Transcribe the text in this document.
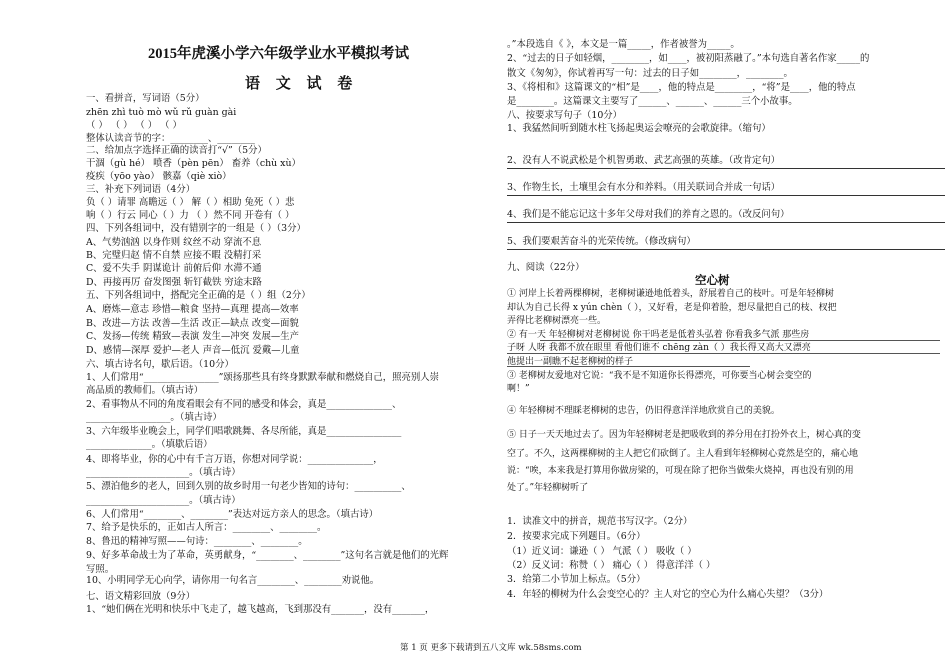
2015年虎溪小学六年级学业水平模拟考试
语 文 试 卷
一、看拼音，写词语（5分）
zhēn zhì tuò mò wǔ rǔ guàn gài
（ ） （ ） （ ） （ ）
整体认读音节的字：________、________
二、给加点字选择正确的读音打“√”（5分）
干涸（gù hé） 喷香（pèn pēn） 畜养（chù xù）
疫疾（yōo yào） 骸嘉（qiè xiò）
三、补充下列词语（4分）
负（ ）请罪 高瞻远（ ） 解（ ）相助 兔死（ ）悲
响（ ）行云 同心（ ）力 （ ）然不同 开卷有（ ）
四、下列各组词中，没有错别字的一组是（ ）（3分）
A、气势汹汹 以身作则 纹丝不动 穿流不息
B、完璧归赵 情不自禁 应接不暇 没精打采
C、爱不失手 阴谋诡计 前俯后仰 水滞不通
D、再接再厉 奋发图强 斩钉截铁 穷途末路
五、下列各组词中，搭配完全正确的是（ ）组（2分）
A、磨炼—意志 珍惜—粮食 坚持—真理 提高—效率
B、改进—方法 改善—生活 改正—缺点 改变—面貌
C、发扬—传统 精致—表演 发生—冲突 发展—生产
D、感情—深厚 爱护—老人 声音—低沉 爱戴—儿童
六、填古诗名句，歇后语。（10分）
1、人们常用“________________”颂扬那些具有终身默默奉献和燃烧自己，照亮别人崇
高品质的教师们。（填古诗）
2、看事物从不同的角度看眼会有不同的感受和体会，真是______________、
__________________。（填古诗）
3、六年级毕业晚会上，同学们唱歌跳舞、各尽所能，真是________________
______________。（填歇后语）
4、即将毕业，你的心中有千言万语，你想对同学说：______________，
______________________。（填古诗）
5、漂泊他乡的老人，回到久别的故乡时用一句老少皆知的诗句：__________、
______________________。（填古诗）
6、人们常用“________、________”表达对远方亲人的思念。（填古诗）
7、给予是快乐的，正如古人所言：________、________。
8、鲁迅的精神写照——句诗：________、________。
9、好多革命战士为了革命，英勇献身，“________、________”这句名言就是他们的光辉
写照。
10、小明同学无心向学，请你用一句名言________、________劝说他。
七、语文精彩回放（9分）
1、“她们俩在光明和快乐中飞走了，越飞越高，飞到那没有_______，没有_______，
。”本段选自《 》，本文是一篇_____，作者被誉为_____。
2、“过去的日子如轻烟，________，如____，被初阳蒸融了。”本句选自著名作家_____的
散文《匆匆》，你试着再写一句：过去的日子如________，________。
3、《将相和》这篇课文的“相”是____，他的特点是________，“将”是____，他的特点
是________。这篇课文主要写了______、______、______三个小故事。
八、按要求写句子（10分）
1、我猛然间听到随水柱飞扬起奥运会嘹亮的会歌旋律。（缩句）
2、没有人不说武松是个机智勇敢、武艺高强的英雄。（改肯定句）
3、作物生长，土壤里会有水分和养料。（用关联词合并成一句话）
4、我们是不能忘记这十多年父母对我们的养育之恩的。（改反问句）
5、我们要艰苦奋斗的光荣传统。（修改病句）
九、阅读（22分）
① 河岸上长着两棵柳树，老柳树谦逊地低着头，舒展着自己的枝叶。可是年轻柳树
却认为自己长得 x yún chèn（ ），又好看，老是仰着脸，想尽量把自己的枝、杈把
弄得比老柳树漂亮一些。
② 有一天 年轻柳树对老柳树说 你干吗老是低着头弘着 你看我多气派 那些房
子呀 人呀 我都不放在眼里 看他们谁不 chēng zàn（ ）我长得又高大又漂亮
他提出一副瞧不起老柳树的样子
③ 老柳树友爱地对它说：“我不是不知道你长得漂亮，可你要当心树会变空的
啊！”
④ 年轻柳树不理睬老柳树的忠告，仍旧得意洋洋地欣赏自己的美貌。
⑤ 日子一天天地过去了。因为年轻柳树老是把吸收到的养分用在打扮外衣上，树心真的变
空了。不久，这两棵柳树的主人把它们砍倒了。主人看到年轻柳树心竟然是空的，痛心地
说：“唉，本来我是打算用你做房梁的，可现在除了把你当做柴火烧掉，再也没有别的用
处了。”年轻柳树听了
1．读准文中的拼音，规范书写汉字。（2分）
2．按要求完成下列题目。（6分）
（1）近义词：谦逊（ ） 气派（ ） 吸收（ ）
（2）反义词：称赞（ ） 痛心（ ） 得意洋洋（ ）
3．给第二小节加上标点。（5分）
4．年轻的柳树为什么会变空心的？主人对它的空心为什么痛心失望？（3分）
空心树
第 1 页 更多下载请到五八文库 wk.58sms.com
